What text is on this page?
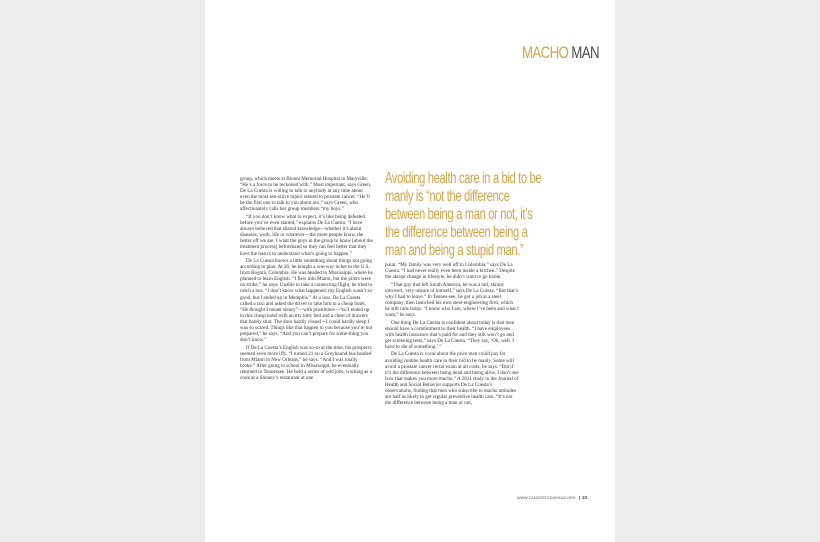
MACHO MAN

group, which meets at Blount Memorial Hospital in Maryville. “He’s a force to be reckoned with.” Most important, says Green, De La Cuesta is willing to talk to anybody at any time about even the most sen-sitive topics related to prostate cancer. “He’ll be the first one to talk to you about sex,” says Green, who affectionately calls her group members “my boys.”

“If you don’t know what to expect, it’s like being defeated before you’ve even started,” explains De La Cuesta. “I have always believed that shared knowledge—whether it’s about diseases, work, life or whatever—the more people know, the better off we are. I want the guys in the group to know [about the treatment process] beforehand so they can feel better that they have the basics to understand what’s going to happen.”

De La Cuesta knows a little something about things not going according to plan. At 20, he bought a one-way ticket to the U.S. from Bogotá, Colombia. He was headed to Mississippi, where he planned to learn English. “I flew into Miami, but the pilots were on strike,” he says. Unable to take a connecting flight, he tried to catch a bus. “I don’t know what happened, my English wasn’t so good, but I ended up in Memphis.” At a loss, De La Cuesta called a taxi and asked the driver to take him to a cheap hotel. “He thought I meant sleazy”—with prostitutes—“so I ended up in this cheap hotel with an itty bitty bed and a chest of drawers that barely shut. The door hardly closed—I could hardly sleep I was so scared. Things like that happen to you because you’re not prepared,” he says. “And you can’t prepare for some-thing you don’t know.”

If De La Cuesta’s English was so-so at the time, his prospects seemed even more iffy. “I turned 21 on a Greyhound bus headed from Miami to New Orleans,” he says. “And I was totally broke.” After going to school in Mississippi, he eventually returned to Tennessee. He held a series of odd jobs, working as a cook at a Shoney’s restaurant at one

Avoiding health care in a bid to be manly is “not the difference between being a man or not, it’s the difference between being a man and being a stupid man.”

point. “My family was very well off in Colombia,” says De La Cuesta. “I had never really even been inside a kitchen.” Despite the abrupt change in lifestyle, he didn’t want to go home.

“That guy that left South America, he was a tall, skinny introvert, very unsure of himself,” says De La Cuesta. “But that’s why I had to leave.” In Tennes-see, he got a job at a steel company, then launched his own steel-engineering firm, which he still runs today. “I know who I am, where I’ve been and what I want,” he says.

One thing De La Cuesta is confident about today is that men should have a commitment to their health. “I have employees with health insurance that’s paid for and they still won’t go and get screening tests,” says De La Cuesta. “They say, ‘Oh, well, I have to die of something.’ ”

De La Cuesta is vocal about the price men could pay for avoiding routine health care in their bid to be manly. Some will avoid a prostate cancer rectal exam at all costs, he says. “But if it’s the difference between being dead and being alive, I don’t see how that makes you more macho.” A 2011 study in the Journal of Health and Social Behavior supports De La Cuesta’s observations, finding that men who subscribe to macho attitudes are half as likely to get regular preventive health care. “It’s not the difference between being a man or not,

WWW.CANCERTODAYMAG.ORG 23
